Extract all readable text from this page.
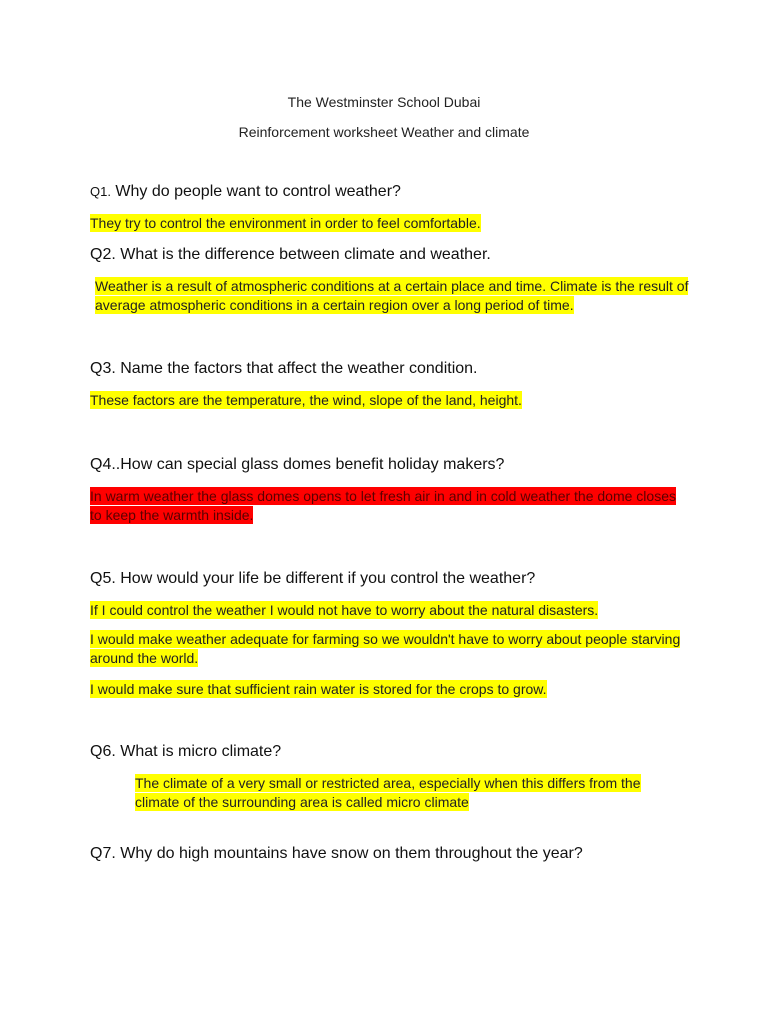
The Westminster School Dubai
Reinforcement worksheet Weather and climate
Q1. Why do people want to control weather?
They try to control the environment in order to feel comfortable.
Q2. What is the difference between climate and weather.
Weather is a result of atmospheric conditions at a certain place and time. Climate is the result of average atmospheric conditions in a certain region over a long period of time.
Q3. Name the factors that affect the weather condition.
These factors are the temperature, the wind, slope of the land, height.
Q4..How can special glass domes benefit holiday makers?
In warm weather the glass domes opens to let fresh air in and in cold weather the dome closes to keep the warmth inside.
Q5. How would your life be different if you control the weather?
If I could control the weather I would not have to worry about the natural disasters.
I would make weather adequate for farming so we wouldn't have to worry about people starving around the world.
I would make sure that sufficient rain water is stored for the crops to grow.
Q6. What is micro climate?
The climate of a very small or restricted area, especially when this differs from the climate of the surrounding area is called micro climate
Q7. Why do high mountains have snow on them throughout the year?
